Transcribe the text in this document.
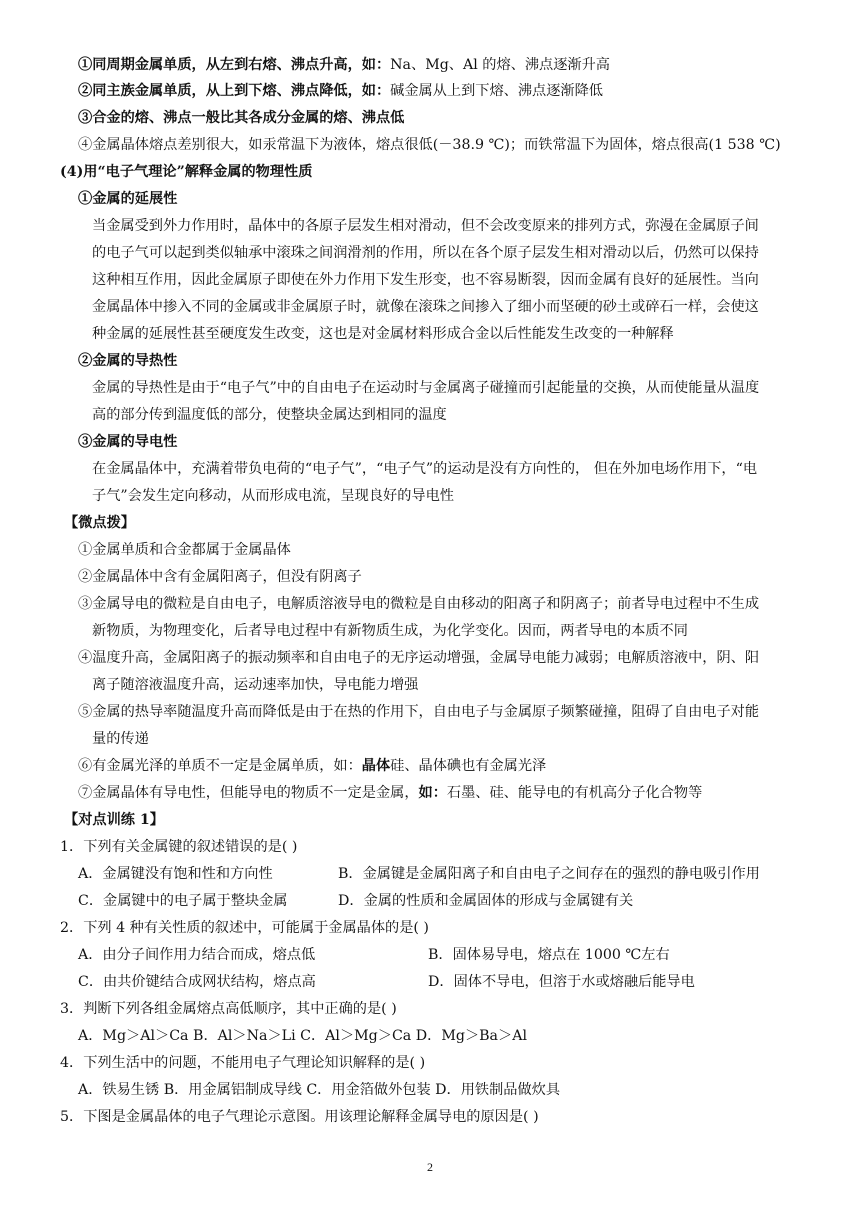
①同周期金属单质，从左到右熔、沸点升高，如：Na、Mg、Al 的熔、沸点逐渐升高
②同主族金属单质，从上到下熔、沸点降低，如：碱金属从上到下熔、沸点逐渐降低
③合金的熔、沸点一般比其各成分金属的熔、沸点低
④金属晶体熔点差别很大，如汞常温下为液体，熔点很低(－38.9 ℃)；而铁常温下为固体，熔点很高(1 538 ℃)
(4)用“电子气理论”解释金属的物理性质
①金属的延展性
当金属受到外力作用时，晶体中的各原子层发生相对滑动，但不会改变原来的排列方式，弥漫在金属原子间
的电子气可以起到类似轴承中滚珠之间润滑剂的作用，所以在各个原子层发生相对滑动以后，仍然可以保持
这种相互作用，因此金属原子即使在外力作用下发生形变，也不容易断裂，因而金属有良好的延展性。当向
金属晶体中掺入不同的金属或非金属原子时，就像在滚珠之间掺入了细小而坚硬的砂土或碎石一样，会使这
种金属的延展性甚至硬度发生改变，这也是对金属材料形成合金以后性能发生改变的一种解释
②金属的导热性
金属的导热性是由于“电子气”中的自由电子在运动时与金属离子碰撞而引起能量的交换，从而使能量从温度
高的部分传到温度低的部分，使整块金属达到相同的温度
③金属的导电性
在金属晶体中，充满着带负电荷的“电子气”，“电子气”的运动是没有方向性的， 但在外加电场作用下，“电
子气”会发生定向移动，从而形成电流，呈现良好的导电性
【微点拨】
①金属单质和合金都属于金属晶体
②金属晶体中含有金属阳离子，但没有阴离子
③金属导电的微粒是自由电子，电解质溶液导电的微粒是自由移动的阳离子和阴离子；前者导电过程中不生成
新物质，为物理变化，后者导电过程中有新物质生成，为化学变化。因而，两者导电的本质不同
④温度升高，金属阳离子的振动频率和自由电子的无序运动增强，金属导电能力减弱；电解质溶液中，阴、阳
离子随溶液温度升高，运动速率加快，导电能力增强
⑤金属的热导率随温度升高而降低是由于在热的作用下，自由电子与金属原子频繁碰撞，阻碍了自由电子对能
量的传递
⑥有金属光泽的单质不一定是金属单质，如：晶体硅、晶体碘也有金属光泽
⑦金属晶体有导电性，但能导电的物质不一定是金属，如：石墨、硅、能导电的有机高分子化合物等
【对点训练 1】
1．下列有关金属键的叙述错误的是( )
A．金属键没有饱和性和方向性	B．金属键是金属阳离子和自由电子之间存在的强烈的静电吸引作用
C．金属键中的电子属于整块金属	D．金属的性质和金属固体的形成与金属键有关
2．下列 4 种有关性质的叙述中，可能属于金属晶体的是( )
A．由分子间作用力结合而成，熔点低	B．固体易导电，熔点在 1000 ℃左右
C．由共价键结合成网状结构，熔点高	D．固体不导电，但溶于水或熔融后能导电
3．判断下列各组金属熔点高低顺序，其中正确的是( )
A．Mg＞Al＞Ca B．Al＞Na＞Li C．Al＞Mg＞Ca D．Mg＞Ba＞Al
4．下列生活中的问题，不能用电子气理论知识解释的是( )
A．铁易生锈 B．用金属铝制成导线 C．用金箔做外包装 D．用铁制品做炊具
5．下图是金属晶体的电子气理论示意图。用该理论解释金属导电的原因是( )
2
